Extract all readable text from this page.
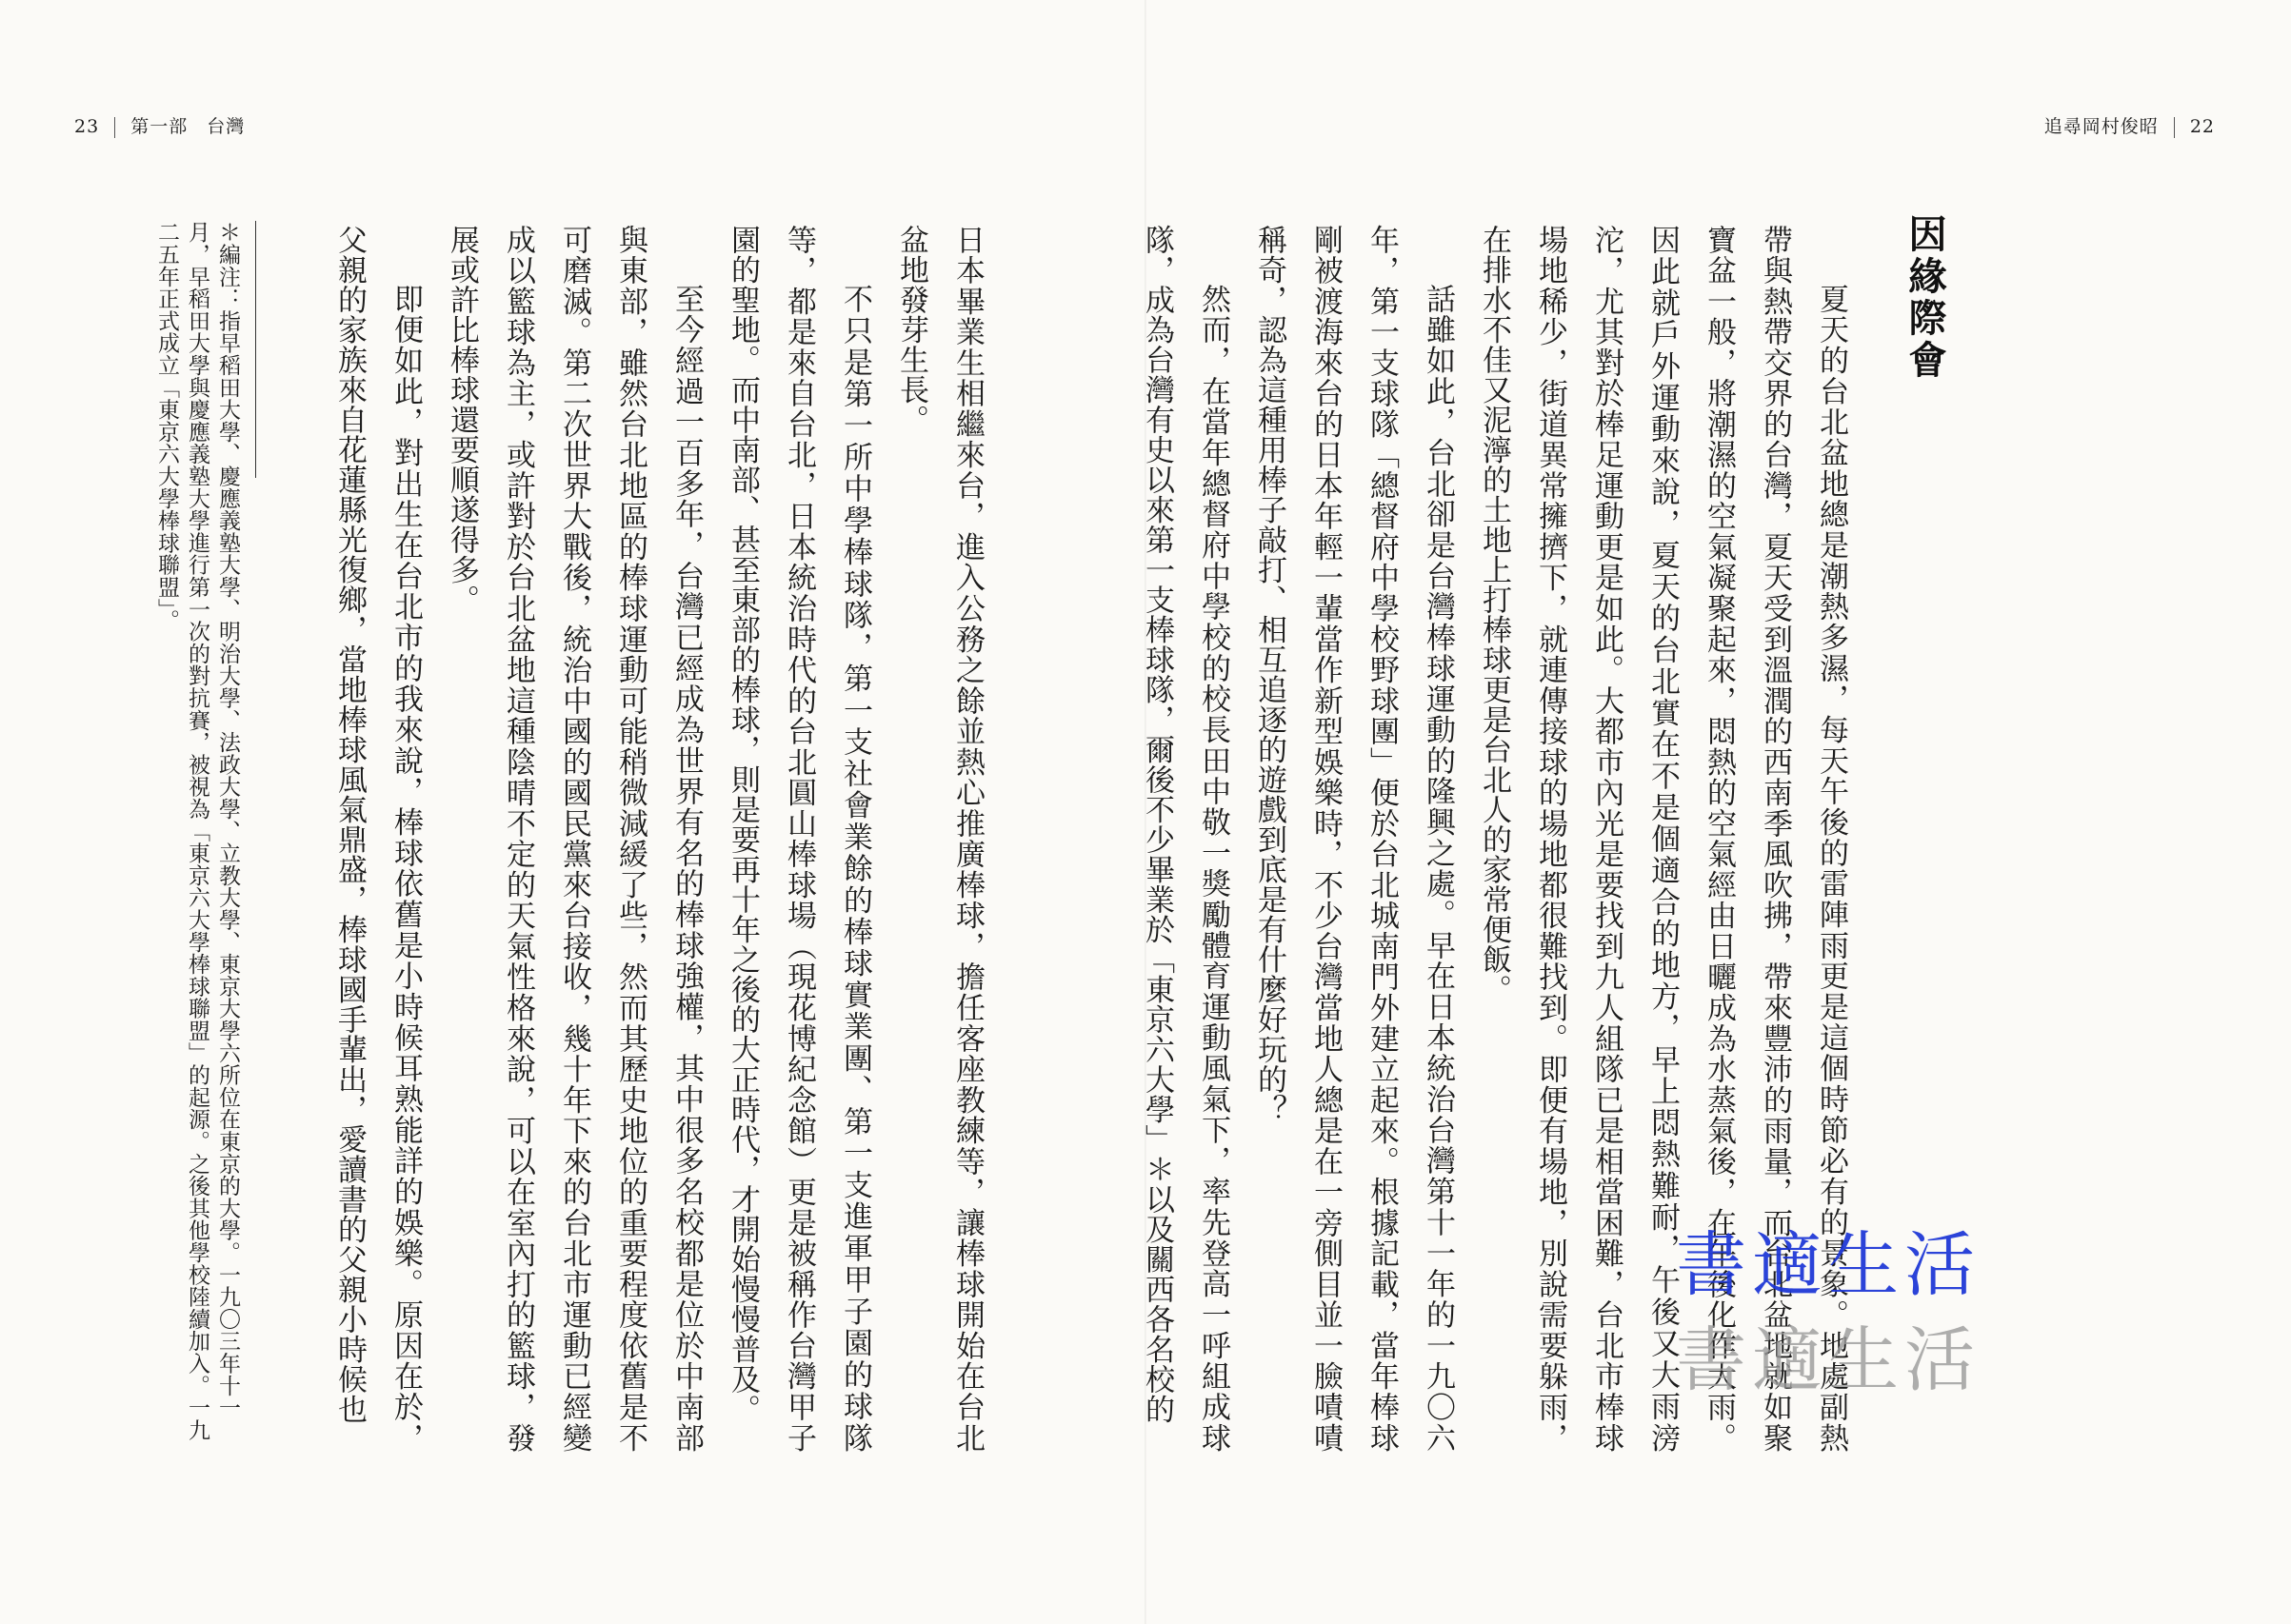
23 第一部　台灣

日本畢業生相繼來台，進入公務之餘並熱心推廣棒球，擔任客座教練等，讓棒球開始在台北盆地發芽生長。

不只是第一所中學棒球隊，第一支社會業餘的棒球實業團、第一支進軍甲子園的球隊等，都是來自台北，日本統治時代的台北圓山棒球場（現花博紀念館）更是被稱作台灣甲子園的聖地。而中南部、甚至東部的棒球，則是要再十年之後的大正時代，才開始慢慢普及。

至今經過一百多年，台灣已經成為世界有名的棒球強權，其中很多名校都是位於中南部與東部，雖然台北地區的棒球運動可能稍微減緩了些，然而其歷史地位的重要程度依舊是不可磨滅。第二次世界大戰後，統治中國的國民黨來台接收，幾十年下來的台北市運動已經變成以籃球為主，或許對於台北盆地這種陰晴不定的天氣性格來說，可以在室內打的籃球，發展或許比棒球還要順遂得多。

即便如此，對出生在台北市的我來說，棒球依舊是小時候耳熟能詳的娛樂。原因在於，父親的家族來自花蓮縣光復鄉，當地棒球風氣鼎盛，棒球國手輩出，愛讀書的父親小時候也

＊編注：指早稻田大學、慶應義塾大學、明治大學、法政大學、立教大學、東京大學六所位在東京的大學。一九〇三年十一月，早稻田大學與慶應義塾大學進行第一次的對抗賽，被視為「東京六大學棒球聯盟」的起源。之後其他學校陸續加入。一九二五年正式成立「東京六大學棒球聯盟」。
追尋岡村俊昭 22

夏天的台北盆地總是潮熱多濕，每天午後的雷陣雨更是這個時節必有的景象。地處副熱帶與熱帶交界的台灣，夏天受到溫潤的西南季風吹拂，帶來豐沛的雨量，而台北盆地就如聚寶盆一般，將潮濕的空氣凝聚起來，悶熱的空氣經由日曬成為水蒸氣後，在午後化作大雨。因此就戶外運動來說，夏天的台北實在不是個適合的地方，早上悶熱難耐，午後又大雨滂沱，尤其對於棒足運動更是如此。大都市內光是要找到九人組隊已是相當困難，台北市棒球場地稀少，街道異常擁擠下，就連傳接球的場地都很難找到。即便有場地，別說需要躲雨，在排水不佳又泥濘的土地上打棒球更是台北人的家常便飯。

話雖如此，台北卻是台灣棒球運動的隆興之處。早在日本統治台灣第十一年的一九〇六年，第一支球隊「總督府中學校野球團」便於台北城南門外建立起來。根據記載，當年棒球剛被渡海來台的日本年輕一輩當作新型娛樂時，不少台灣當地人總是在一旁側目並一臉嘖嘖稱奇，認為這種用棒子敲打、相互追逐的遊戲到底是有什麼好玩的？

然而，在當年總督府中學校的校長田中敬一獎勵體育運動風氣下，率先登高一呼組成球隊，成為台灣有史以來第一支棒球隊，爾後不少畢業於「東京六大學」＊以及關西各名校的	因緣際會
書適生活
書適生活
